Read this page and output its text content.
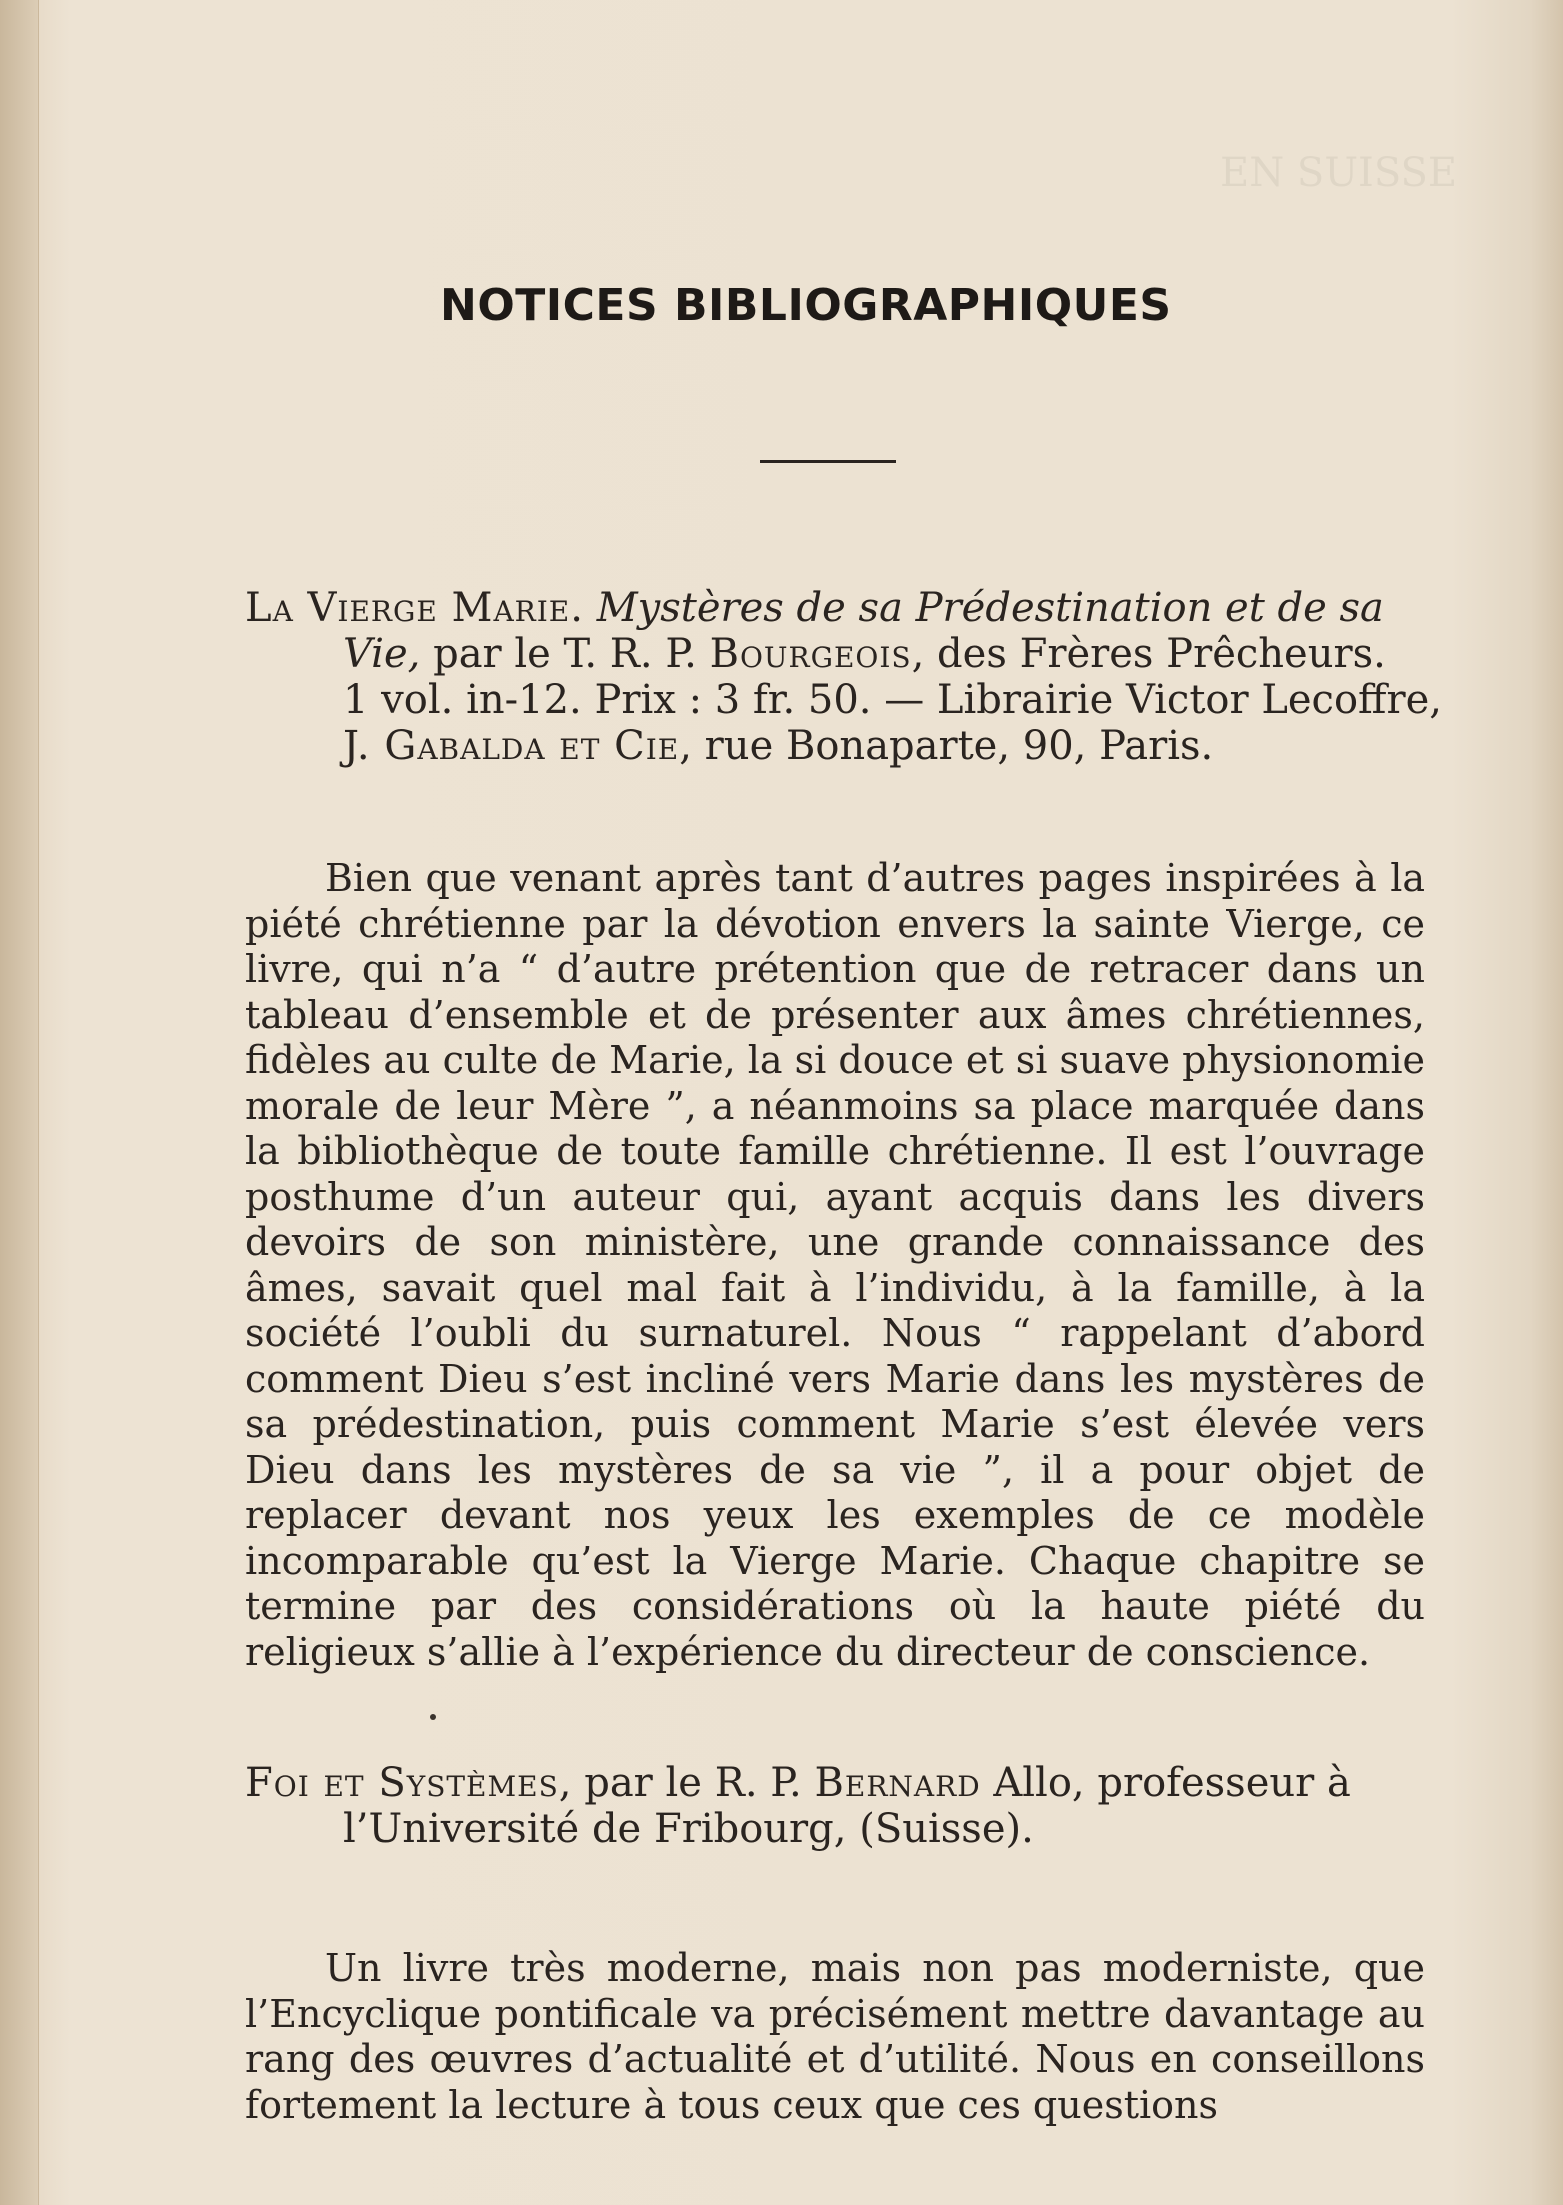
EN SUISSE
NOTICES BIBLIOGRAPHIQUES
La Vierge Marie. Mystères de sa Prédestination et de sa
Vie, par le T. R. P. Bourgeois, des Frères Prêcheurs.
1 vol. in-12. Prix : 3 fr. 50. — Librairie Victor Lecoffre,
J. Gabalda et Cie, rue Bonaparte, 90, Paris.

Bien que venant après tant d’autres pages inspirées à la piété chrétienne par la dévotion envers la sainte Vierge, ce livre, qui n’a “ d’autre prétention que de retracer dans un tableau d’ensemble et de présenter aux âmes chrétiennes, fidèles au culte de Marie, la si douce et si suave physionomie morale de leur Mère ”, a néanmoins sa place marquée dans la bibliothèque de toute famille chrétienne. Il est l’ouvrage posthume d’un auteur qui, ayant acquis dans les divers devoirs de son ministère, une grande connaissance des âmes, savait quel mal fait à l’individu, à la famille, à la société l’oubli du surnaturel. Nous “ rappelant d’abord comment Dieu s’est incliné vers Marie dans les mystères de sa prédestination, puis comment Marie s’est élevée vers Dieu dans les mystères de sa vie ”, il a pour objet de replacer devant nos yeux les exemples de ce modèle incomparable qu’est la Vierge Marie. Chaque chapitre se termine par des considérations où la haute piété du religieux s’allie à l’expérience du directeur de conscience.

Foi et Systèmes, par le R. P. Bernard Allo, professeur à
l’Université de Fribourg, (Suisse).

Un livre très moderne, mais non pas moderniste, que l’Encyclique pontificale va précisément mettre davantage au rang des œuvres d’actualité et d’utilité. Nous en conseillons fortement la lecture à tous ceux que ces questions
